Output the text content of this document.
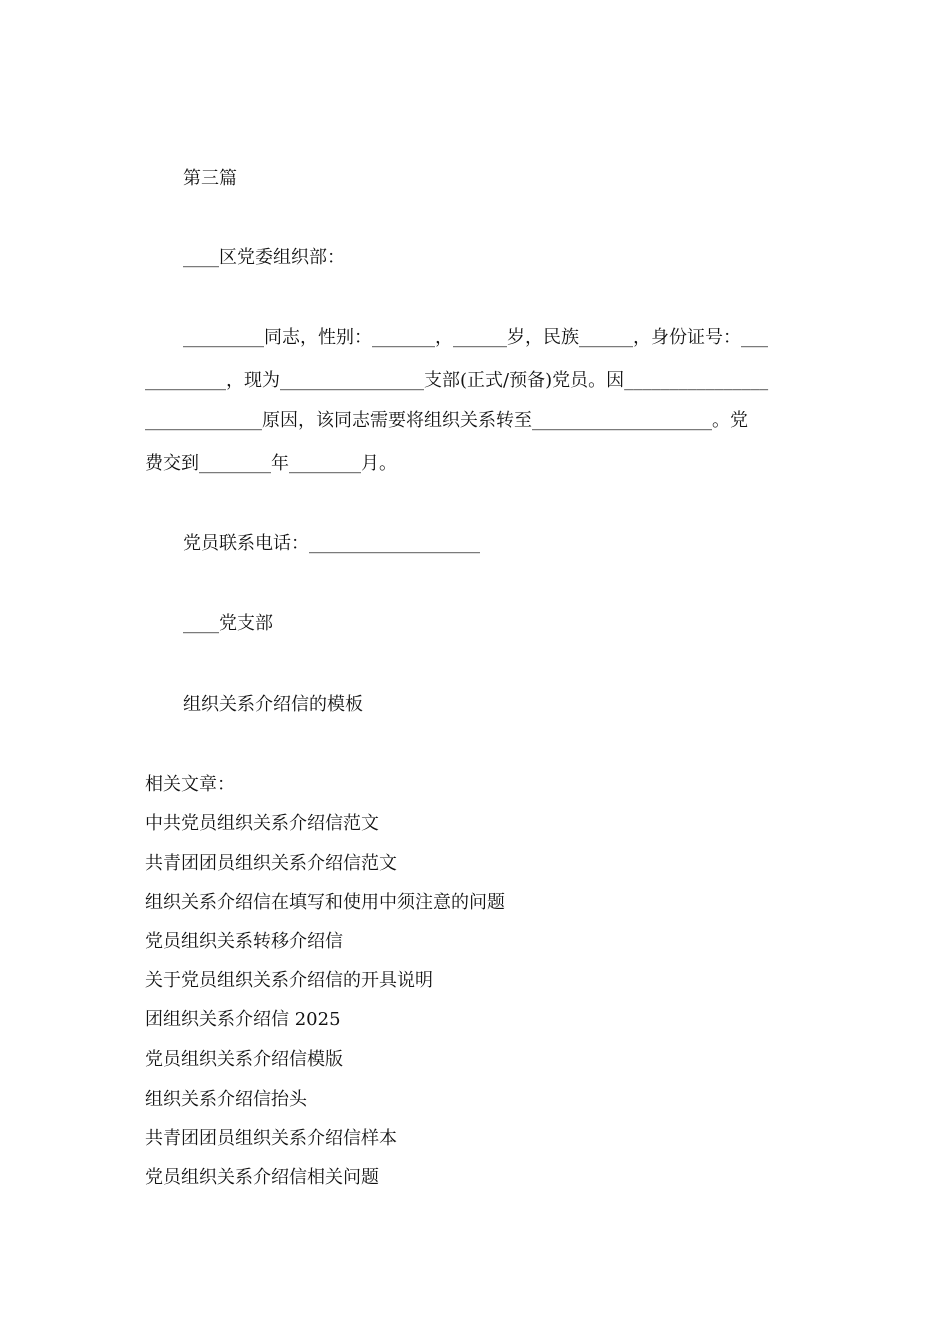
第三篇
____区党委组织部：
_________同志，性别：_______，______岁，民族______，身份证号：___
_________，现为________________支部(正式/预备)党员。因________________
_____________原因，该同志需要将组织关系转至____________________。党
费交到________年________月。
党员联系电话：___________________
____党支部
组织关系介绍信的模板
相关文章：
中共党员组织关系介绍信范文
共青团团员组织关系介绍信范文
组织关系介绍信在填写和使用中须注意的问题
党员组织关系转移介绍信
关于党员组织关系介绍信的开具说明
团组织关系介绍信 2025
党员组织关系介绍信模版
组织关系介绍信抬头
共青团团员组织关系介绍信样本
党员组织关系介绍信相关问题
